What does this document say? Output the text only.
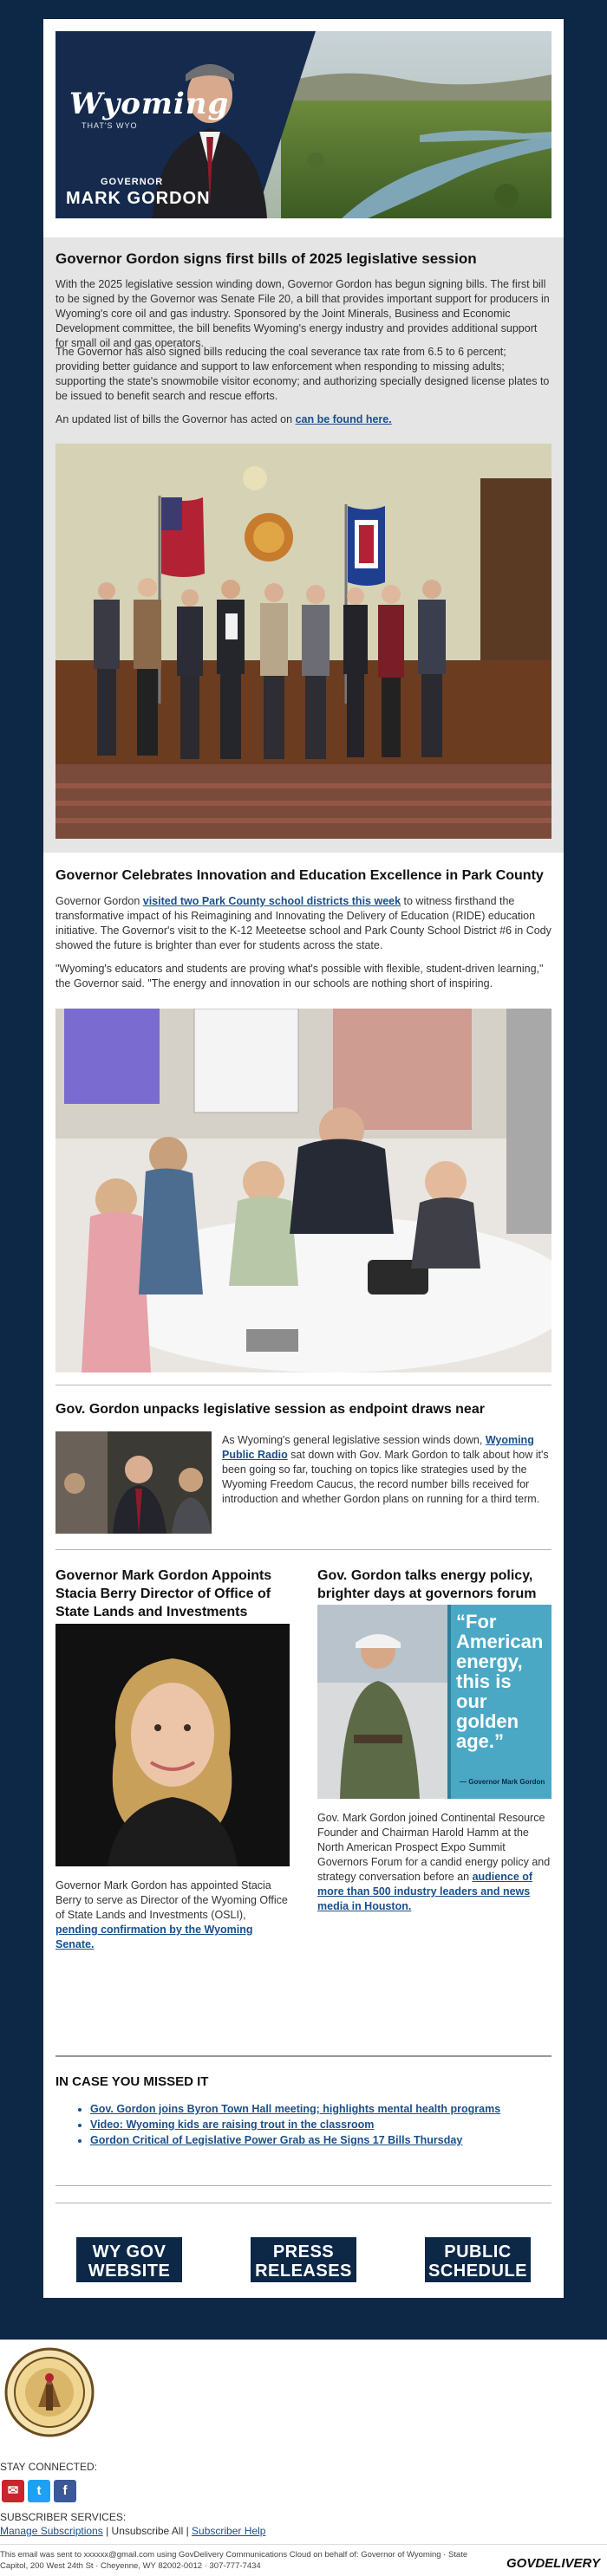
Wyoming
THAT'S WYO
GOVERNOR
MARK GORDON
Governor Gordon signs first bills of 2025 legislative session

With the 2025 legislative session winding down, Governor Gordon has begun signing bills. The first bill to be signed by the Governor was Senate File 20, a bill that provides important support for producers in Wyoming's core oil and gas industry. Sponsored by the Joint Minerals, Business and Economic Development committee, the bill benefits Wyoming's energy industry and provides additional support for small oil and gas operators.

The Governor has also signed bills reducing the coal severance tax rate from 6.5 to 6 percent; providing better guidance and support to law enforcement when responding to missing adults; supporting the state's snowmobile visitor economy; and authorizing specially designed license plates to be issued to benefit search and rescue efforts.

An updated list of bills the Governor has acted on can be found here.

Governor Celebrates Innovation and Education Excellence in Park County

Governor Gordon visited two Park County school districts this week to witness firsthand the transformative impact of his Reimagining and Innovating the Delivery of Education (RIDE) education initiative. The Governor's visit to the K-12 Meeteetse school and Park County School District #6 in Cody showed the future is brighter than ever for students across the state.

"Wyoming's educators and students are proving what's possible with flexible, student-driven learning," the Governor said. "The energy and innovation in our schools are nothing short of inspiring.

Gov. Gordon unpacks legislative session as endpoint draws near

As Wyoming's general legislative session winds down, Wyoming Public Radio sat down with Gov. Mark Gordon to talk about how it's been going so far, touching on topics like strategies used by the Wyoming Freedom Caucus, the record number bills received for introduction and whether Gordon plans on running for a third term.

Governor Mark Gordon Appoints Stacia Berry Director of Office of State Lands and Investments

Governor Mark Gordon has appointed Stacia Berry to serve as Director of the Wyoming Office of State Lands and Investments (OSLI), pending confirmation by the Wyoming Senate.

Gov. Gordon talks energy policy, brighter days at governors forum
“For
American
energy,
this is
our
golden
age.”
— Governor Mark Gordon

Gov. Mark Gordon joined Continental Resource Founder and Chairman Harold Hamm at the North American Prospect Expo Summit Governors Forum for a candid energy policy and strategy conversation before an audience of more than 500 industry leaders and news media in Houston.

IN CASE YOU MISSED IT
• Gov. Gordon joins Byron Town Hall meeting; highlights mental health programs
• Video: Wyoming kids are raising trout in the classroom
• Gordon Critical of Legislative Power Grab as He Signs 17 Bills Thursday
WY GOV
WEBSITE
PRESS
RELEASES
PUBLIC
SCHEDULE
STAY CONNECTED:
✉	t	f
SUBSCRIBER SERVICES:
Manage Subscriptions | Unsubscribe All | Subscriber Help
This email was sent to xxxxxx@gmail.com using GovDelivery Communications Cloud on behalf of: Governor of Wyoming · State
Capitol, 200 West 24th St · Cheyenne, WY 82002-0012 · 307-777-7434	GOVDELIVERY
